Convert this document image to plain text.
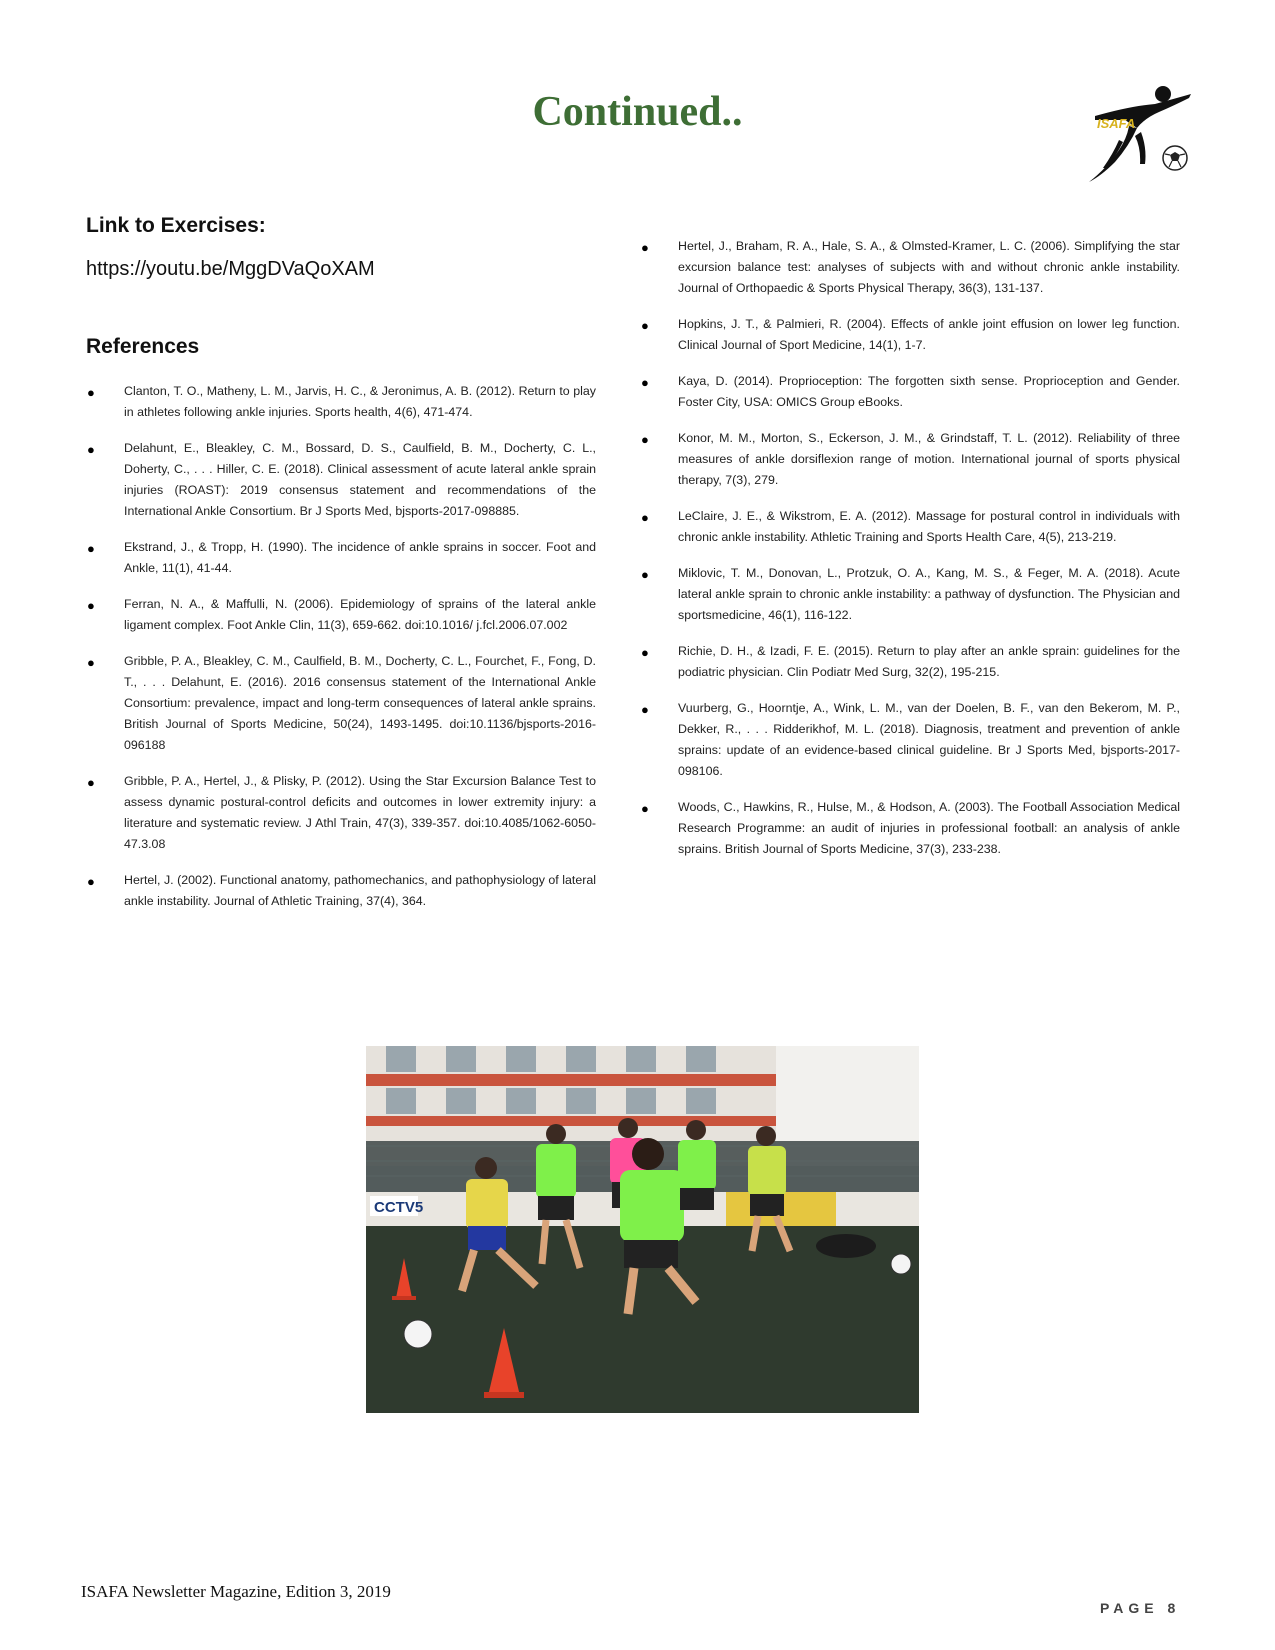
Continued..	ISAFA
Link to Exercises:

https://youtu.be/MggDVaQoXAM

References
● Clanton, T. O., Matheny, L. M., Jarvis, H. C., & Jeronimus, A. B. (2012). Return to play in athletes following ankle injuries. Sports health, 4(6), 471-474.
● Delahunt, E., Bleakley, C. M., Bossard, D. S., Caulfield, B. M., Docherty, C. L., Doherty, C., . . . Hiller, C. E. (2018). Clinical assessment of acute lateral ankle sprain injuries (ROAST): 2019 consensus statement and recommendations of the International Ankle Consortium. Br J Sports Med, bjsports-2017-098885.
● Ekstrand, J., & Tropp, H. (1990). The incidence of ankle sprains in soccer. Foot and Ankle, 11(1), 41-44.
● Ferran, N. A., & Maffulli, N. (2006). Epidemiology of sprains of the lateral ankle ligament complex. Foot Ankle Clin, 11(3), 659-662. doi:10.1016/ j.fcl.2006.07.002
● Gribble, P. A., Bleakley, C. M., Caulfield, B. M., Docherty, C. L., Fourchet, F., Fong, D. T., . . . Delahunt, E. (2016). 2016 consensus statement of the International Ankle Consortium: prevalence, impact and long-term consequences of lateral ankle sprains. British Journal of Sports Medicine, 50(24), 1493-1495. doi:10.1136/bjsports-2016-096188
● Gribble, P. A., Hertel, J., & Plisky, P. (2012). Using the Star Excursion Balance Test to assess dynamic postural-control deficits and outcomes in lower extremity injury: a literature and systematic review. J Athl Train, 47(3), 339-357. doi:10.4085/1062-6050-47.3.08
● Hertel, J. (2002). Functional anatomy, pathomechanics, and pathophysiology of lateral ankle instability. Journal of Athletic Training, 37(4), 364.
● Hertel, J., Braham, R. A., Hale, S. A., & Olmsted-Kramer, L. C. (2006). Simplifying the star excursion balance test: analyses of subjects with and without chronic ankle instability. Journal of Orthopaedic & Sports Physical Therapy, 36(3), 131-137.
● Hopkins, J. T., & Palmieri, R. (2004). Effects of ankle joint effusion on lower leg function. Clinical Journal of Sport Medicine, 14(1), 1-7.
● Kaya, D. (2014). Proprioception: The forgotten sixth sense. Proprioception and Gender. Foster City, USA: OMICS Group eBooks.
● Konor, M. M., Morton, S., Eckerson, J. M., & Grindstaff, T. L. (2012). Reliability of three measures of ankle dorsiflexion range of motion. International journal of sports physical therapy, 7(3), 279.
● LeClaire, J. E., & Wikstrom, E. A. (2012). Massage for postural control in individuals with chronic ankle instability. Athletic Training and Sports Health Care, 4(5), 213-219.
● Miklovic, T. M., Donovan, L., Protzuk, O. A., Kang, M. S., & Feger, M. A. (2018). Acute lateral ankle sprain to chronic ankle instability: a pathway of dysfunction. The Physician and sportsmedicine, 46(1), 116-122.
● Richie, D. H., & Izadi, F. E. (2015). Return to play after an ankle sprain: guidelines for the podiatric physician. Clin Podiatr Med Surg, 32(2), 195-215.
● Vuurberg, G., Hoorntje, A., Wink, L. M., van der Doelen, B. F., van den Bekerom, M. P., Dekker, R., . . . Ridderikhof, M. L. (2018). Diagnosis, treatment and prevention of ankle sprains: update of an evidence-based clinical guideline. Br J Sports Med, bjsports-2017-098106.
● Woods, C., Hawkins, R., Hulse, M., & Hodson, A. (2003). The Football Association Medical Research Programme: an audit of injuries in professional football: an analysis of ankle sprains. British Journal of Sports Medicine, 37(3), 233-238.
CCTV5
ISAFA Newsletter Magazine, Edition 3, 2019
PAGE 8
